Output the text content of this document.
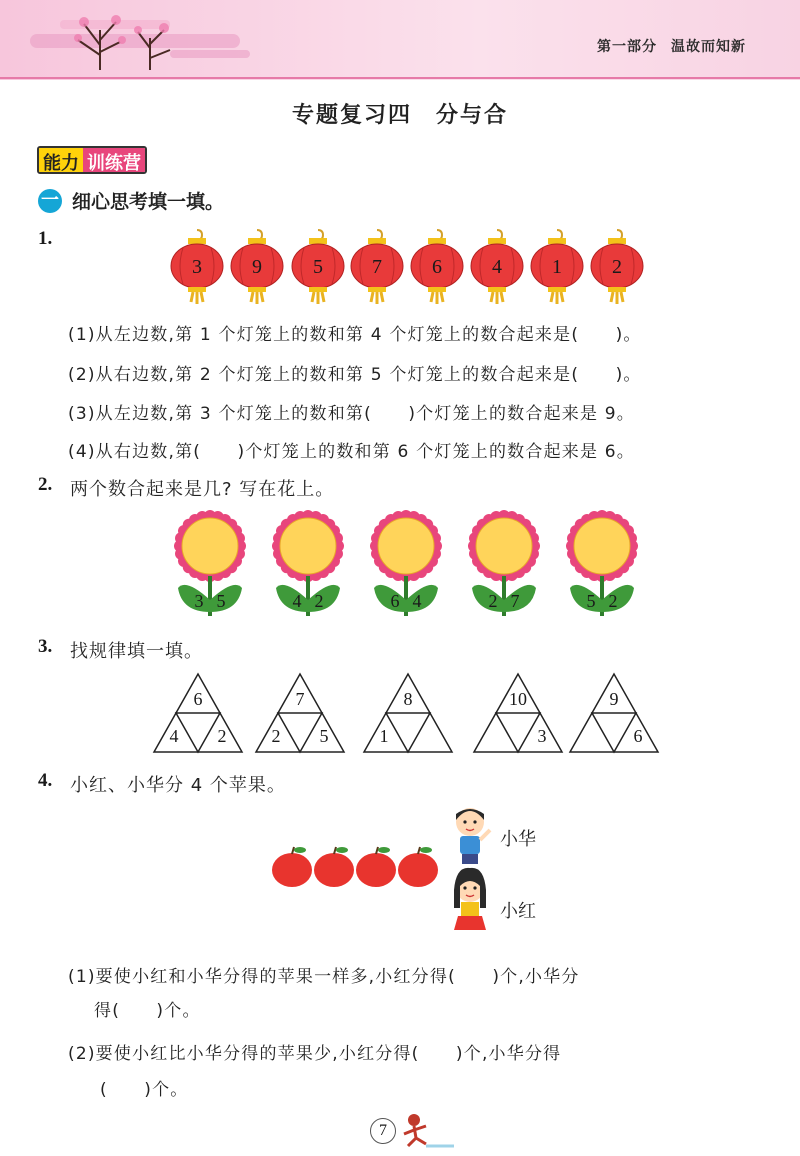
第一部分 温故而知新
专题复习四　分与合
能力 训练营
一 细心思考填一填。
1.
3	9	5 7	6	4	1	2
(1)从左边数,第 1 个灯笼上的数和第 4 个灯笼上的数合起来是(　　)。
(2)从右边数,第 2 个灯笼上的数和第 5 个灯笼上的数合起来是(　　)。
(3)从左边数,第 3 个灯笼上的数和第(　　)个灯笼上的数合起来是 9。
(4)从右边数,第(　　)个灯笼上的数和第 6 个灯笼上的数合起来是 6。
2. 两个数合起来是几? 写在花上。
3 5	4 2	6 4	2 7	5 2
3. 找规律填一填。
6
4 2
7
2 5
8
1
10
3
9
6
4. 小红、小华分 4 个苹果。
小华
小红
(1)要使小红和小华分得的苹果一样多,小红分得(　　)个,小华分
得(　　)个。
(2)要使小红比小华分得的苹果少,小红分得(　　)个,小华分得
(　　)个。
7
